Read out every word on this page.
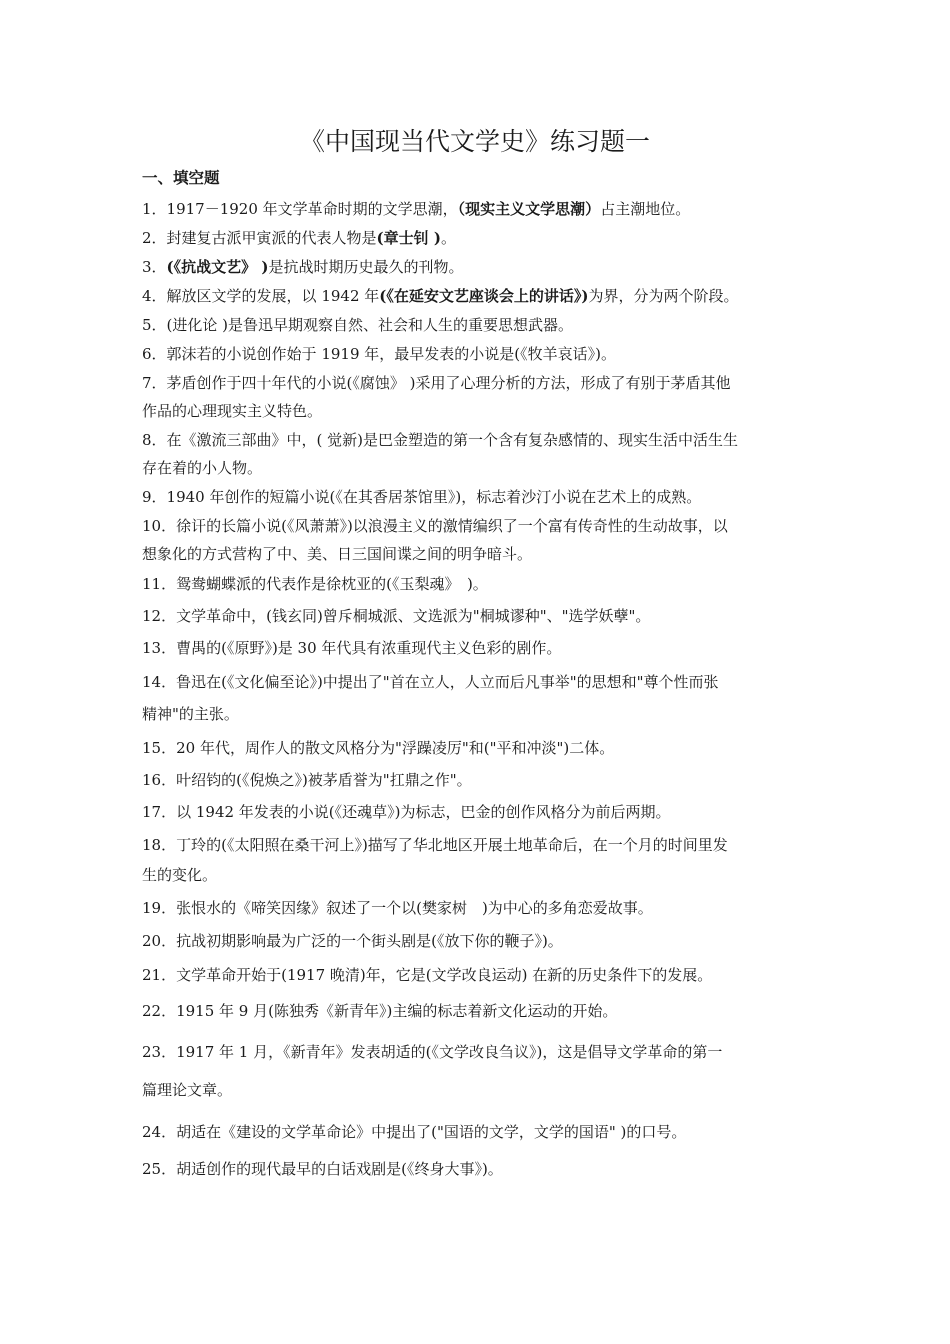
《中国现当代文学史》练习题一
一、填空题
1．1917－1920 年文学革命时期的文学思潮，（现实主义文学思潮）占主潮地位。
2．封建复古派甲寅派的代表人物是(章士钊 )。
3．(《抗战文艺》 )是抗战时期历史最久的刊物。
4．解放区文学的发展，以 1942 年(《在延安文艺座谈会上的讲话》)为界，分为两个阶段。
5．(进化论 )是鲁迅早期观察自然、社会和人生的重要思想武器。
6．郭沫若的小说创作始于 1919 年，最早发表的小说是(《牧羊哀话》)。
7．茅盾创作于四十年代的小说(《腐蚀》 )采用了心理分析的方法，形成了有别于茅盾其他
作品的心理现实主义特色。
8．在《激流三部曲》中，( 觉新)是巴金塑造的第一个含有复杂感情的、现实生活中活生生
存在着的小人物。
9．1940 年创作的短篇小说(《在其香居茶馆里》)，标志着沙汀小说在艺术上的成熟。
10．徐讦的长篇小说(《风萧萧》)以浪漫主义的激情编织了一个富有传奇性的生动故事，以
想象化的方式营构了中、美、日三国间谍之间的明争暗斗。
11．鸳鸯蝴蝶派的代表作是徐枕亚的(《玉梨魂》　)。
12．文学革命中，(钱玄同)曾斥桐城派、文选派为"桐城谬种"、"选学妖孽"。
13．曹禺的(《原野》)是 30 年代具有浓重现代主义色彩的剧作。
14．鲁迅在(《文化偏至论》)中提出了"首在立人，人立而后凡事举"的思想和"尊个性而张
精神"的主张。
15．20 年代，周作人的散文风格分为"浮躁凌厉"和("平和冲淡")二体。
16．叶绍钧的(《倪焕之》)被茅盾誉为"扛鼎之作"。
17．以 1942 年发表的小说(《还魂草》)为标志，巴金的创作风格分为前后两期。
18．丁玲的(《太阳照在桑干河上》)描写了华北地区开展土地革命后，在一个月的时间里发
生的变化。
19．张恨水的《啼笑因缘》叙述了一个以(樊家树　)为中心的多角恋爱故事。
20．抗战初期影响最为广泛的一个街头剧是(《放下你的鞭子》)。
21．文学革命开始于(1917 晚清)年，它是(文学改良运动) 在新的历史条件下的发展。
22．1915 年 9 月(陈独秀《新青年》)主编的标志着新文化运动的开始。
23．1917 年 1 月，《新青年》发表胡适的(《文学改良刍议》)，这是倡导文学革命的第一
篇理论文章。
24．胡适在《建设的文学革命论》中提出了("国语的文学，文学的国语" )的口号。
25．胡适创作的现代最早的白话戏剧是(《终身大事》)。
